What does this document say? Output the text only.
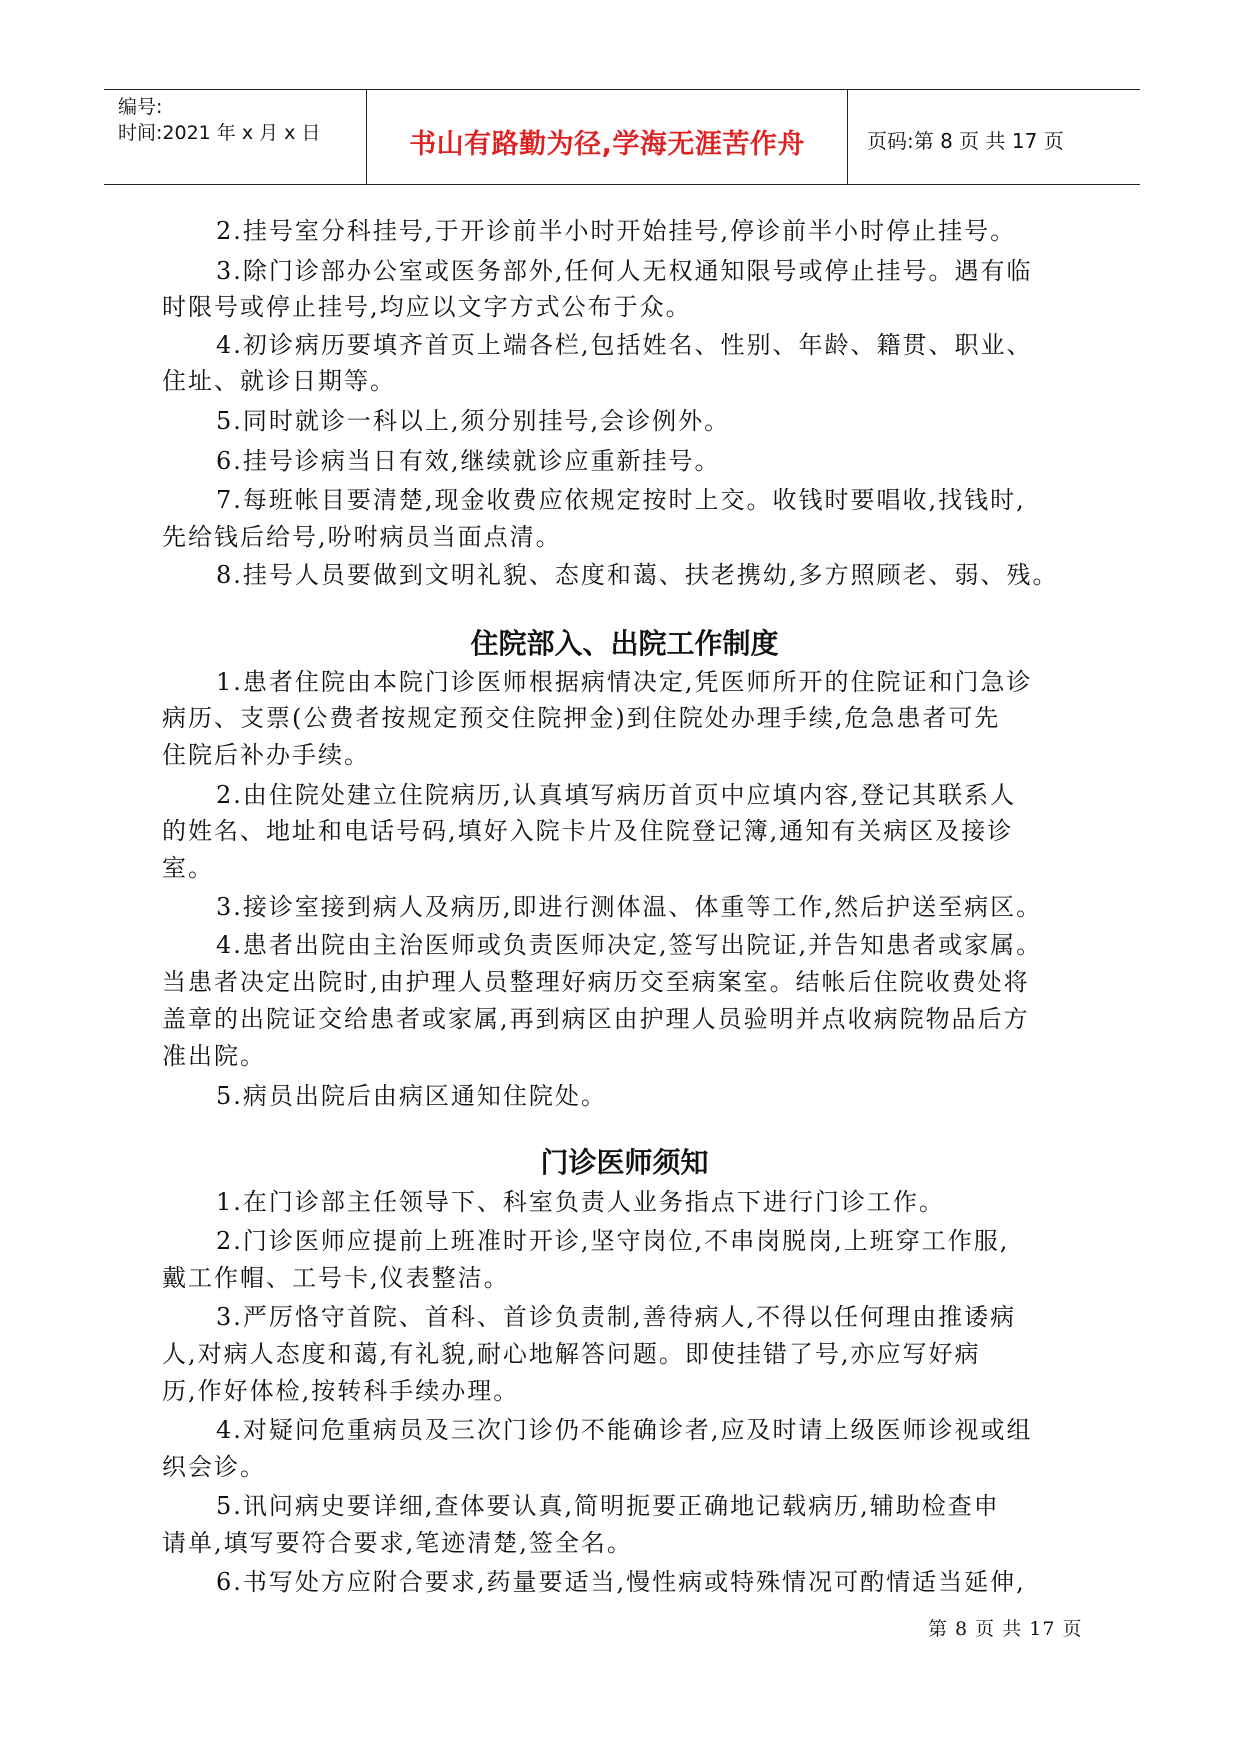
编号:
时间:2021 年 x 月 x 日	书山有路勤为径,学海无涯苦作舟	页码:第 8 页 共 17 页
2.挂号室分科挂号,于开诊前半小时开始挂号,停诊前半小时停止挂号。
3.除门诊部办公室或医务部外,任何人无权通知限号或停止挂号。遇有临
时限号或停止挂号,均应以文字方式公布于众。
4.初诊病历要填齐首页上端各栏,包括姓名、性别、年龄、籍贯、职业、
住址、就诊日期等。
5.同时就诊一科以上,须分别挂号,会诊例外。
6.挂号诊病当日有效,继续就诊应重新挂号。
7.每班帐目要清楚,现金收费应依规定按时上交。收钱时要唱收,找钱时,
先给钱后给号,吩咐病员当面点清。
8.挂号人员要做到文明礼貌、态度和蔼、扶老携幼,多方照顾老、弱、残。
住院部入、出院工作制度
1.患者住院由本院门诊医师根据病情决定,凭医师所开的住院证和门急诊
病历、支票(公费者按规定预交住院押金)到住院处办理手续,危急患者可先
住院后补办手续。
2.由住院处建立住院病历,认真填写病历首页中应填内容,登记其联系人
的姓名、地址和电话号码,填好入院卡片及住院登记簿,通知有关病区及接诊
室。
3.接诊室接到病人及病历,即进行测体温、体重等工作,然后护送至病区。
4.患者出院由主治医师或负责医师决定,签写出院证,并告知患者或家属。
当患者决定出院时,由护理人员整理好病历交至病案室。结帐后住院收费处将
盖章的出院证交给患者或家属,再到病区由护理人员验明并点收病院物品后方
准出院。
5.病员出院后由病区通知住院处。
门诊医师须知
1.在门诊部主任领导下、科室负责人业务指点下进行门诊工作。
2.门诊医师应提前上班准时开诊,坚守岗位,不串岗脱岗,上班穿工作服,
戴工作帽、工号卡,仪表整洁。
3.严厉恪守首院、首科、首诊负责制,善待病人,不得以任何理由推诿病
人,对病人态度和蔼,有礼貌,耐心地解答问题。即使挂错了号,亦应写好病
历,作好体检,按转科手续办理。
4.对疑问危重病员及三次门诊仍不能确诊者,应及时请上级医师诊视或组
织会诊。
5.讯问病史要详细,查体要认真,简明扼要正确地记载病历,辅助检查申
请单,填写要符合要求,笔迹清楚,签全名。
6.书写处方应附合要求,药量要适当,慢性病或特殊情况可酌情适当延伸,
第 8 页 共 17 页
